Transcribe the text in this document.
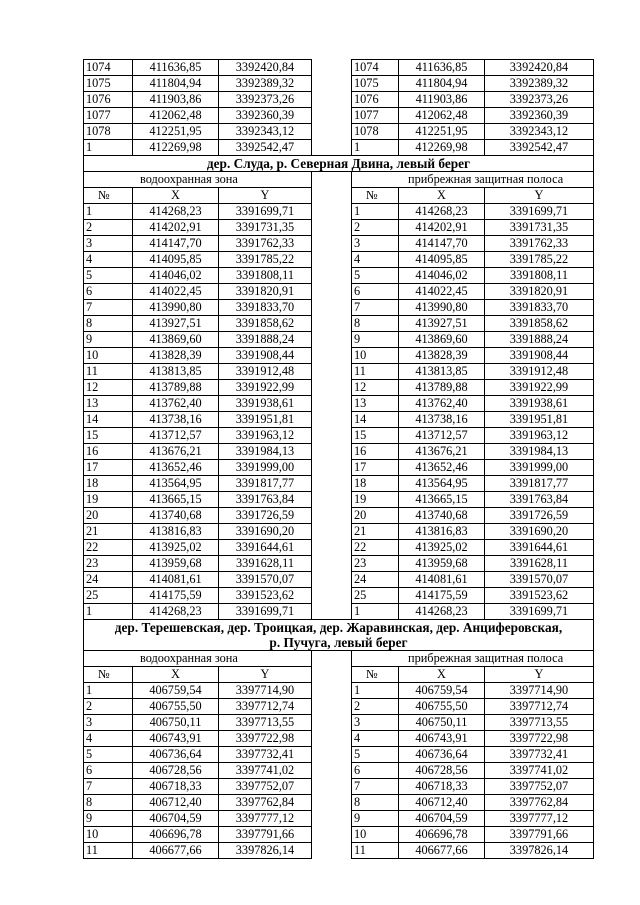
1074	411636,85	3392420,84		1074	411636,85	3392420,84
1075	411804,94	3392389,32		1075	411804,94	3392389,32
1076	411903,86	3392373,26		1076	411903,86	3392373,26
1077	412062,48	3392360,39		1077	412062,48	3392360,39
1078	412251,95	3392343,12		1078	412251,95	3392343,12
1	412269,98	3392542,47		1	412269,98	3392542,47
дер. Слуда, р. Северная Двина, левый берег						
водоохранная зона				прибрежная защитная полоса		
№	X	Y		№	X	Y
1	414268,23	3391699,71		1	414268,23	3391699,71
2	414202,91	3391731,35		2	414202,91	3391731,35
3	414147,70	3391762,33		3	414147,70	3391762,33
4	414095,85	3391785,22		4	414095,85	3391785,22
5	414046,02	3391808,11		5	414046,02	3391808,11
6	414022,45	3391820,91		6	414022,45	3391820,91
7	413990,80	3391833,70		7	413990,80	3391833,70
8	413927,51	3391858,62		8	413927,51	3391858,62
9	413869,60	3391888,24		9	413869,60	3391888,24
10	413828,39	3391908,44		10	413828,39	3391908,44
11	413813,85	3391912,48		11	413813,85	3391912,48
12	413789,88	3391922,99		12	413789,88	3391922,99
13	413762,40	3391938,61		13	413762,40	3391938,61
14	413738,16	3391951,81		14	413738,16	3391951,81
15	413712,57	3391963,12		15	413712,57	3391963,12
16	413676,21	3391984,13		16	413676,21	3391984,13
17	413652,46	3391999,00		17	413652,46	3391999,00
18	413564,95	3391817,77		18	413564,95	3391817,77
19	413665,15	3391763,84		19	413665,15	3391763,84
20	413740,68	3391726,59		20	413740,68	3391726,59
21	413816,83	3391690,20		21	413816,83	3391690,20
22	413925,02	3391644,61		22	413925,02	3391644,61
23	413959,68	3391628,11		23	413959,68	3391628,11
24	414081,61	3391570,07		24	414081,61	3391570,07
25	414175,59	3391523,62		25	414175,59	3391523,62
1	414268,23	3391699,71		1	414268,23	3391699,71
дер. Терешевская, дер. Троицкая, дер. Жаравинская, дер. Анциферовская,
р. Пучуга, левый берег						
водоохранная зона				прибрежная защитная полоса		
№	X	Y		№	X	Y
1	406759,54	3397714,90		1	406759,54	3397714,90
2	406755,50	3397712,74		2	406755,50	3397712,74
3	406750,11	3397713,55		3	406750,11	3397713,55
4	406743,91	3397722,98		4	406743,91	3397722,98
5	406736,64	3397732,41		5	406736,64	3397732,41
6	406728,56	3397741,02		6	406728,56	3397741,02
7	406718,33	3397752,07		7	406718,33	3397752,07
8	406712,40	3397762,84		8	406712,40	3397762,84
9	406704,59	3397777,12		9	406704,59	3397777,12
10	406696,78	3397791,66		10	406696,78	3397791,66
11	406677,66	3397826,14		11	406677,66	3397826,14
